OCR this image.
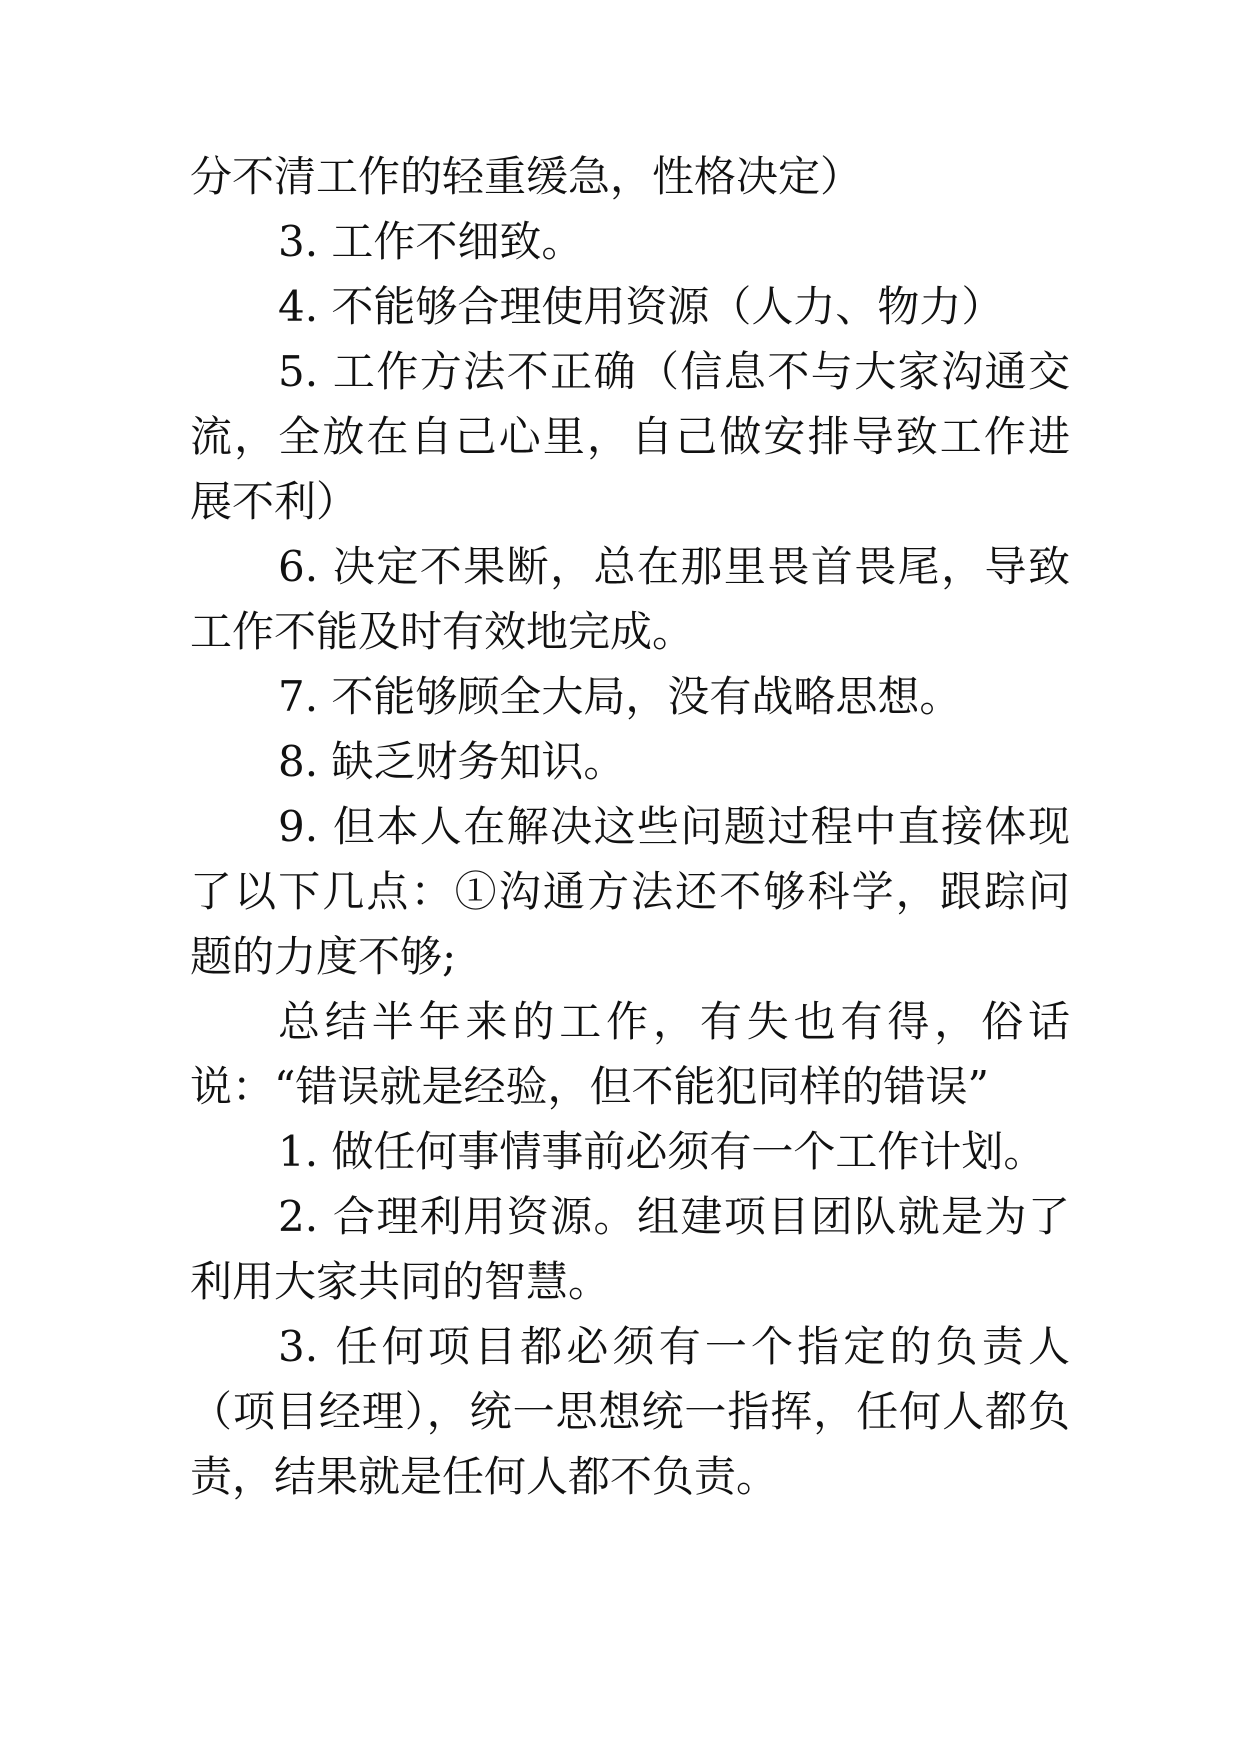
分不清工作的轻重缓急，性格决定）

3. 工作不细致。

4. 不能够合理使用资源（人力、物力）

5. 工作方法不正确（信息不与大家沟通交流，全放在自己心里，自己做安排导致工作进展不利）

6. 决定不果断，总在那里畏首畏尾，导致工作不能及时有效地完成。

7. 不能够顾全大局，没有战略思想。

8. 缺乏财务知识。

9. 但本人在解决这些问题过程中直接体现了以下几点：①沟通方法还不够科学，跟踪问题的力度不够;

总结半年来的工作，有失也有得，俗话说：“错误就是经验，但不能犯同样的错误”

1. 做任何事情事前必须有一个工作计划。

2. 合理利用资源。组建项目团队就是为了利用大家共同的智慧。

3. 任何项目都必须有一个指定的负责人（项目经理），统一思想统一指挥，任何人都负责，结果就是任何人都不负责。
